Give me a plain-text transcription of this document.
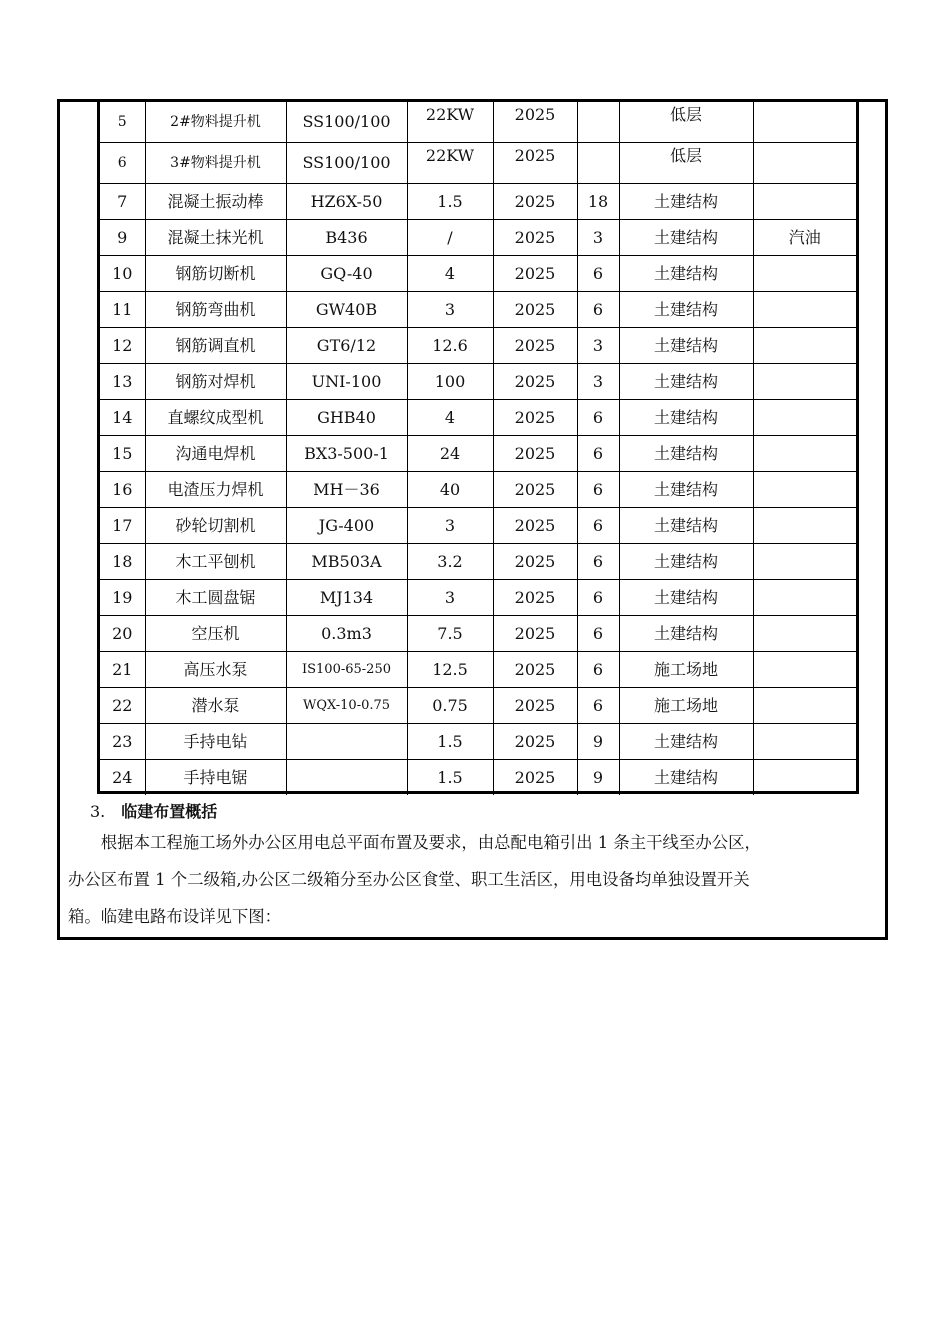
5	2#物料提升机	SS100/100	22KW	2025		低层	
6	3#物料提升机	SS100/100	22KW	2025		低层	
7	混凝土振动棒	HZ6X-50	1.5	2025	18	土建结构	
9	混凝土抹光机	B436	/	2025	3	土建结构	汽油
10	钢筋切断机	GQ-40	4	2025	6	土建结构	
11	钢筋弯曲机	GW40B	3	2025	6	土建结构	
12	钢筋调直机	GT6/12	12.6	2025	3	土建结构	
13	钢筋对焊机	UNI-100	100	2025	3	土建结构	
14	直螺纹成型机	GHB40	4	2025	6	土建结构	
15	沟通电焊机	BX3-500-1	24	2025	6	土建结构	
16	电渣压力焊机	MH－36	40	2025	6	土建结构	
17	砂轮切割机	JG-400	3	2025	6	土建结构	
18	木工平刨机	MB503A	3.2	2025	6	土建结构	
19	木工圆盘锯	MJ134	3	2025	6	土建结构	
20	空压机	0.3m3	7.5	2025	6	土建结构	
21	高压水泵	IS100-65-250	12.5	2025	6	施工场地	
22	潜水泵	WQX-10-0.75	0.75	2025	6	施工场地	
23	手持电钻		1.5	2025	9	土建结构	
24	手持电锯		1.5	2025	9	土建结构	
3. 临建布置概括
根据本工程施工场外办公区用电总平面布置及要求，由总配电箱引出 1 条主干线至办公区，
办公区布置 1 个二级箱,办公区二级箱分至办公区食堂、职工生活区，用电设备均单独设置开关
箱。临建电路布设详见下图：
